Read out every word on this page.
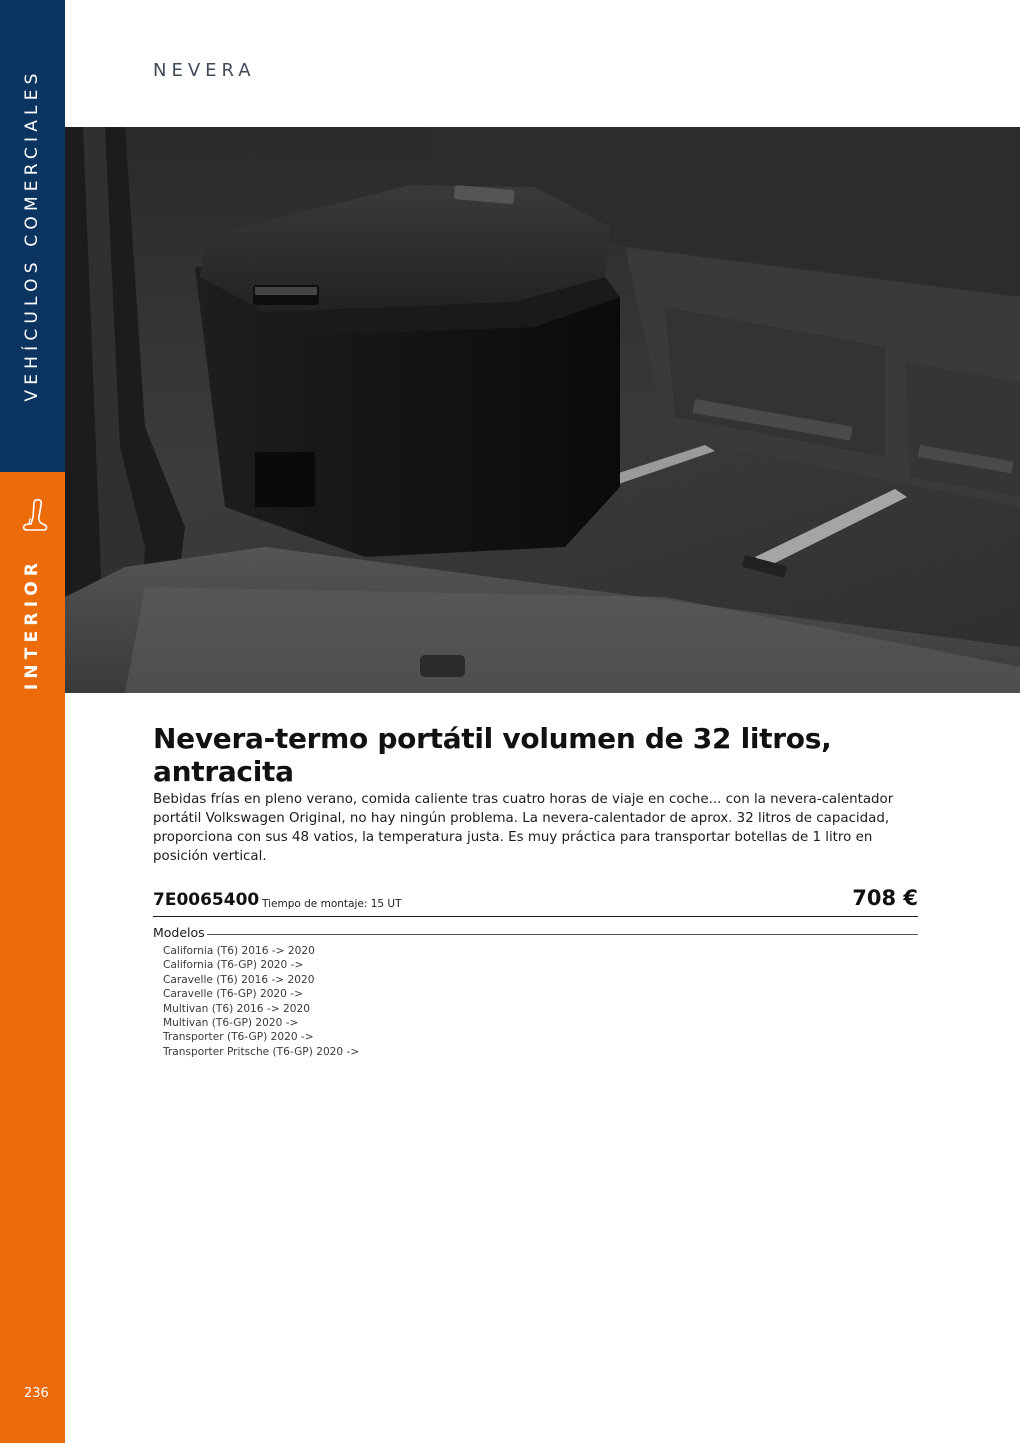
VEHÍCULOS COMERCIALES
INTERIOR
236
NEVERA
Nevera-termo portátil volumen de 32 litros, antracita
Bebidas frías en pleno verano, comida caliente tras cuatro horas de viaje en coche... con la nevera-calentador portátil Volkswagen Original, no hay ningún problema. La nevera-calentador de aprox. 32 litros de capacidad, proporciona con sus 48 vatios, la temperatura justa. Es muy práctica para transportar botellas de 1 litro en posición vertical.
7E0065400 Tiempo de montaje: 15 UT	708 €
Modelos
California (T6) 2016 -> 2020
California (T6-GP) 2020 ->
Caravelle (T6) 2016 -> 2020
Caravelle (T6-GP) 2020 ->
Multivan (T6) 2016 -> 2020
Multivan (T6-GP) 2020 ->
Transporter (T6-GP) 2020 ->
Transporter Pritsche (T6-GP) 2020 ->
